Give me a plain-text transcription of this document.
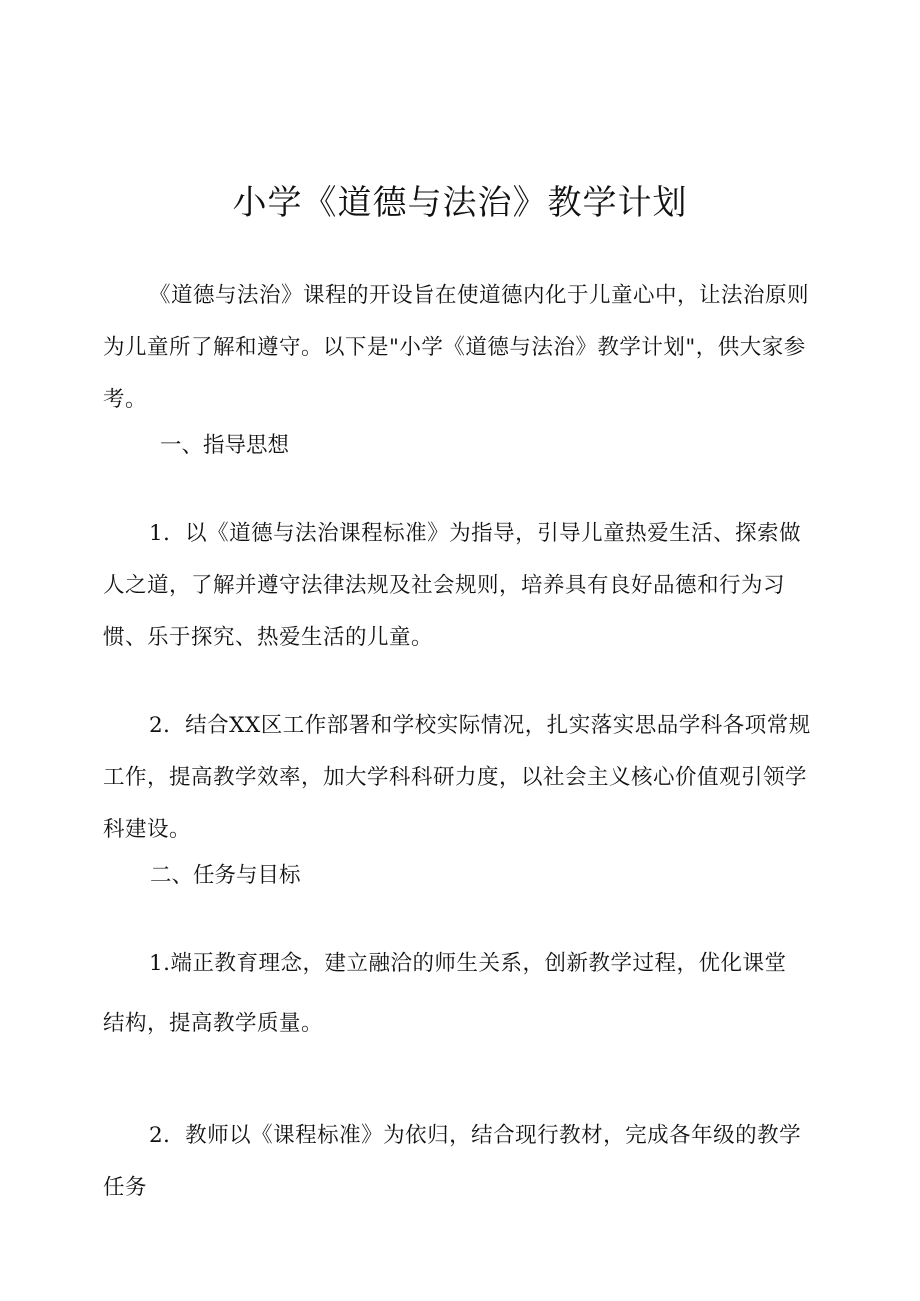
小学《道德与法治》教学计划

《道德与法治》课程的开设旨在使道德内化于儿童心中，让法治原则为儿童所了解和遵守。以下是"小学《道德与法治》教学计划"，供大家参考。

一、指导思想

1．以《道德与法治课程标准》为指导，引导儿童热爱生活、探索做人之道，了解并遵守法律法规及社会规则，培养具有良好品德和行为习惯、乐于探究、热爱生活的儿童。

2．结合XX区工作部署和学校实际情况，扎实落实思品学科各项常规工作，提高教学效率，加大学科科研力度，以社会主义核心价值观引领学科建设。

二、任务与目标

1.端正教育理念，建立融洽的师生关系，创新教学过程，优化课堂

结构，提高教学质量。

2．教师以《课程标准》为依归，结合现行教材，完成各年级的教学任务
